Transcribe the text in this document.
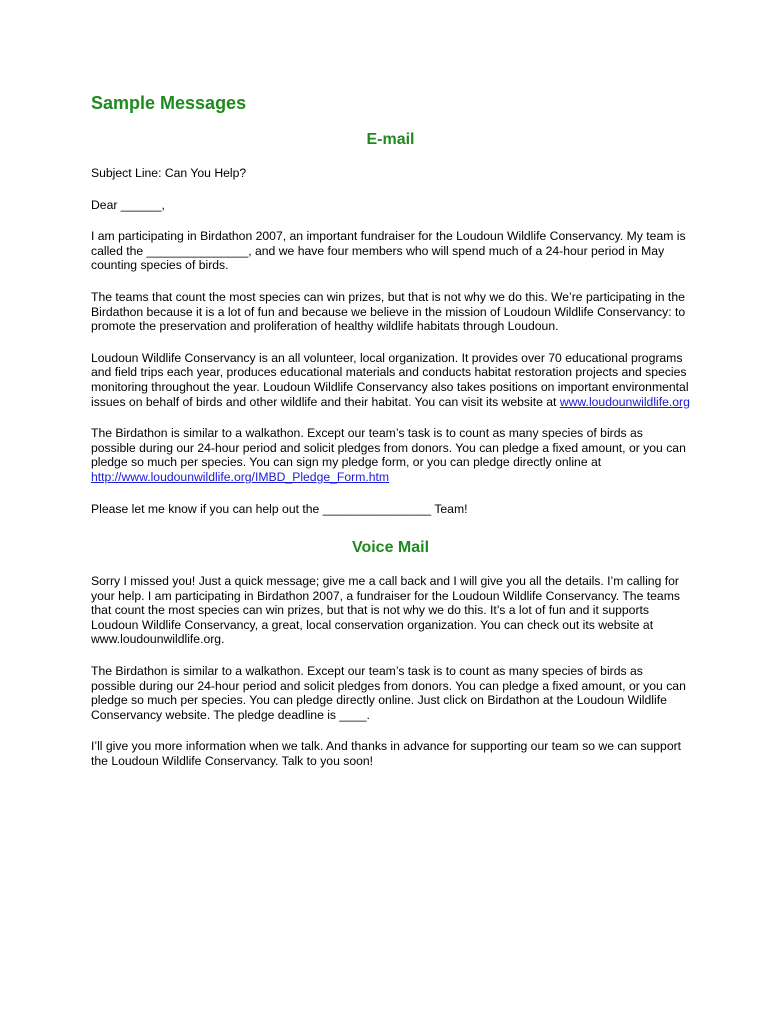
Sample Messages
E-mail

Subject Line: Can You Help?

Dear ______,

I am participating in Birdathon 2007, an important fundraiser for the Loudoun Wildlife Conservancy. My team is called the _______________, and we have four members who will spend much of a 24-hour period in May counting species of birds.

The teams that count the most species can win prizes, but that is not why we do this. We’re participating in the Birdathon because it is a lot of fun and because we believe in the mission of Loudoun Wildlife Conservancy: to promote the preservation and proliferation of healthy wildlife habitats through Loudoun.

Loudoun Wildlife Conservancy is an all volunteer, local organization. It provides over 70 educational programs and field trips each year, produces educational materials and conducts habitat restoration projects and species monitoring throughout the year. Loudoun Wildlife Conservancy also takes positions on important environmental issues on behalf of birds and other wildlife and their habitat. You can visit its website at www.loudounwildlife.org

The Birdathon is similar to a walkathon. Except our team’s task is to count as many species of birds as possible during our 24-hour period and solicit pledges from donors. You can pledge a fixed amount, or you can pledge so much per species. You can sign my pledge form, or you can pledge directly online at http://www.loudounwildlife.org/IMBD_Pledge_Form.htm

Please let me know if you can help out the ________________ Team!

Voice Mail

Sorry I missed you! Just a quick message; give me a call back and I will give you all the details. I’m calling for your help. I am participating in Birdathon 2007, a fundraiser for the Loudoun Wildlife Conservancy. The teams that count the most species can win prizes, but that is not why we do this. It’s a lot of fun and it supports Loudoun Wildlife Conservancy, a great, local conservation organization. You can check out its website at www.loudounwildlife.org.

The Birdathon is similar to a walkathon. Except our team’s task is to count as many species of birds as possible during our 24-hour period and solicit pledges from donors. You can pledge a fixed amount, or you can pledge so much per species. You can pledge directly online. Just click on Birdathon at the Loudoun Wildlife Conservancy website. The pledge deadline is ____.

I’ll give you more information when we talk. And thanks in advance for supporting our team so we can support the Loudoun Wildlife Conservancy. Talk to you soon!
